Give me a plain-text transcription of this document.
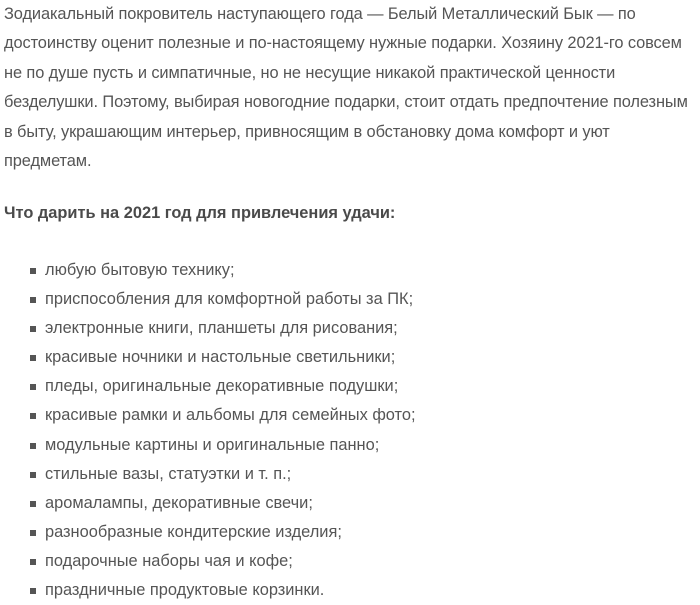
Зодиакальный покровитель наступающего года — Белый Металлический Бык — по достоинству оценит полезные и по-настоящему нужные подарки. Хозяину 2021-го совсем не по душе пусть и симпатичные, но не несущие никакой практической ценности безделушки. Поэтому, выбирая новогодние подарки, стоит отдать предпочтение полезным в быту, украшающим интерьер, привносящим в обстановку дома комфорт и уют предметам.

Что дарить на 2021 год для привлечения удачи:

любую бытовую технику;
приспособления для комфортной работы за ПК;
электронные книги, планшеты для рисования;
красивые ночники и настольные светильники;
пледы, оригинальные декоративные подушки;
красивые рамки и альбомы для семейных фото;
модульные картины и оригинальные панно;
стильные вазы, статуэтки и т. п.;
аромалампы, декоративные свечи;
разнообразные кондитерские изделия;
подарочные наборы чая и кофе;
праздничные продуктовые корзинки.
